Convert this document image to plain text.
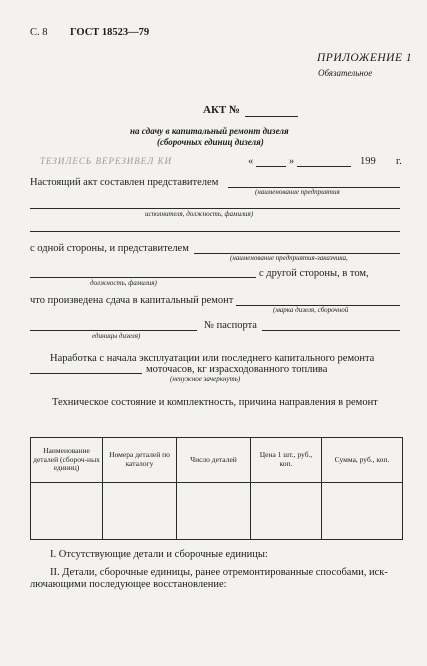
С. 8 ГОСТ 18523—79
ПРИЛОЖЕНИЕ 1
Обязательное
АКТ №
на сдачу в капитальный ремонт дизеля
(сборочных единиц дизеля)
ТЕЗИЛЕСЬ ВЕРЕЗИВЕЛ КИ	«	»	199 г.
Настоящий акт составлен представителем
(наименование предприятия
исполнителя, должность, фамилия)
с одной стороны, и представителем
(наименование предприятия-заказчика,
с другой стороны, в том,
должность, фамилия)
что произведена сдача в капитальный ремонт
(марка дизеля, сборочной
№ паспорта
единицы дизеля)
Наработка с начала эксплуатации или последнего капитального ремонта
моточасов, кг израсходованного топлива
(ненужное зачеркнуть)
Техническое состояние и комплектность, причина направления в ремонт
Наименование деталей (сбороч-ных единиц)	Номера деталей по каталогу	Число деталей	Цена 1 шт., руб., коп.	Сумма, руб., коп.

I. Отсутствующие детали и сборочные единицы:
II. Детали, сборочные единицы, ранее отремонтированные способами, иск-
лючающими последующее восстановление:
